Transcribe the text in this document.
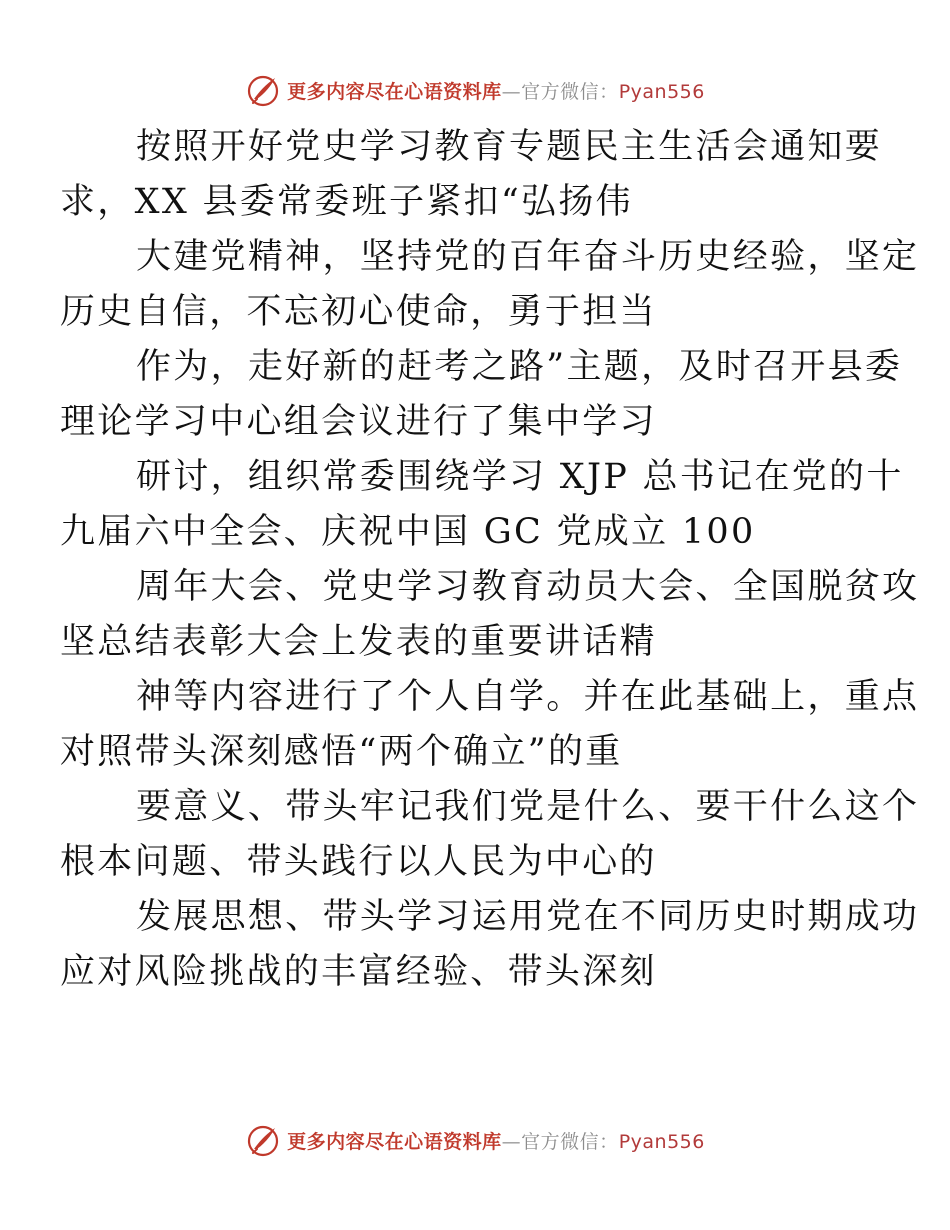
更多内容尽在心语资料库—官方微信：Pyan556

按照开好党史学习教育专题民主生活会通知要
求，XX 县委常委班子紧扣“弘扬伟

大建党精神，坚持党的百年奋斗历史经验，坚定
历史自信，不忘初心使命，勇于担当

作为，走好新的赶考之路”主题，及时召开县委
理论学习中心组会议进行了集中学习

研讨，组织常委围绕学习 XJP 总书记在党的十
九届六中全会、庆祝中国 GC 党成立 100

周年大会、党史学习教育动员大会、全国脱贫攻
坚总结表彰大会上发表的重要讲话精

神等内容进行了个人自学。并在此基础上，重点
对照带头深刻感悟“两个确立”的重

要意义、带头牢记我们党是什么、要干什么这个
根本问题、带头践行以人民为中心的

发展思想、带头学习运用党在不同历史时期成功
应对风险挑战的丰富经验、带头深刻

更多内容尽在心语资料库—官方微信：Pyan556
